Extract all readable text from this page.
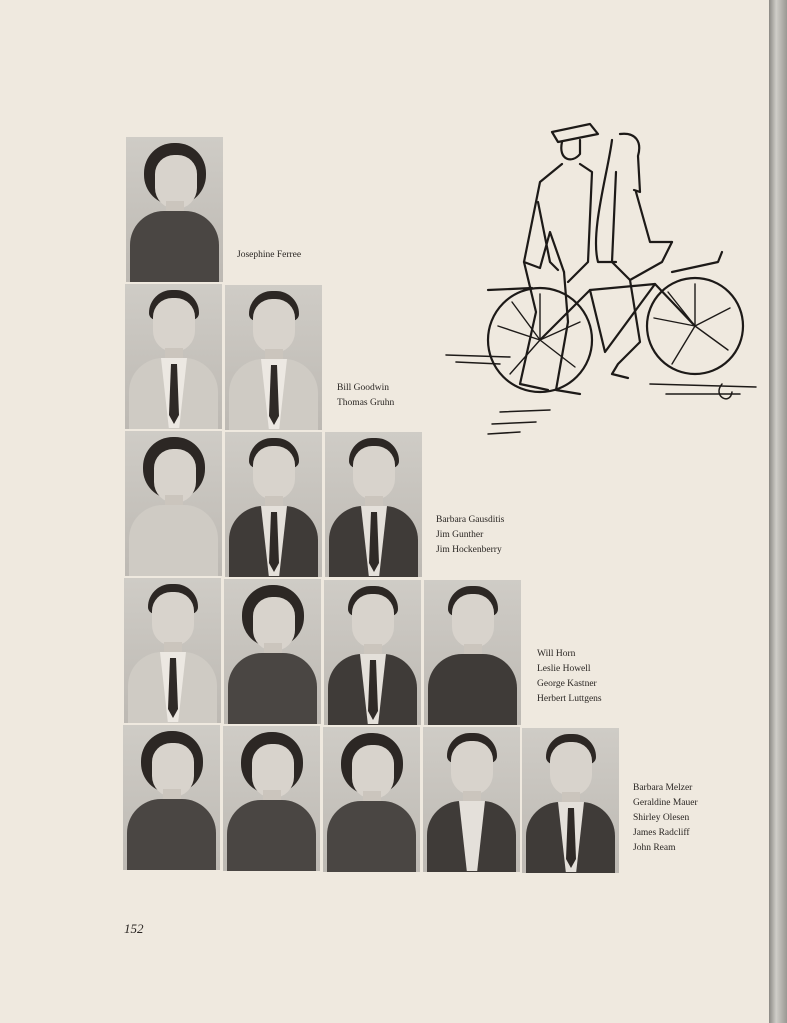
Josephine Ferree
Bill Goodwin
Thomas Gruhn
Barbara Gausditis
Jim Gunther
Jim Hockenberry
Will Horn
Leslie Howell
George Kastner
Herbert Luttgens
Barbara Melzer
Geraldine Mauer
Shirley Olesen
James Radcliff
John Ream
152
